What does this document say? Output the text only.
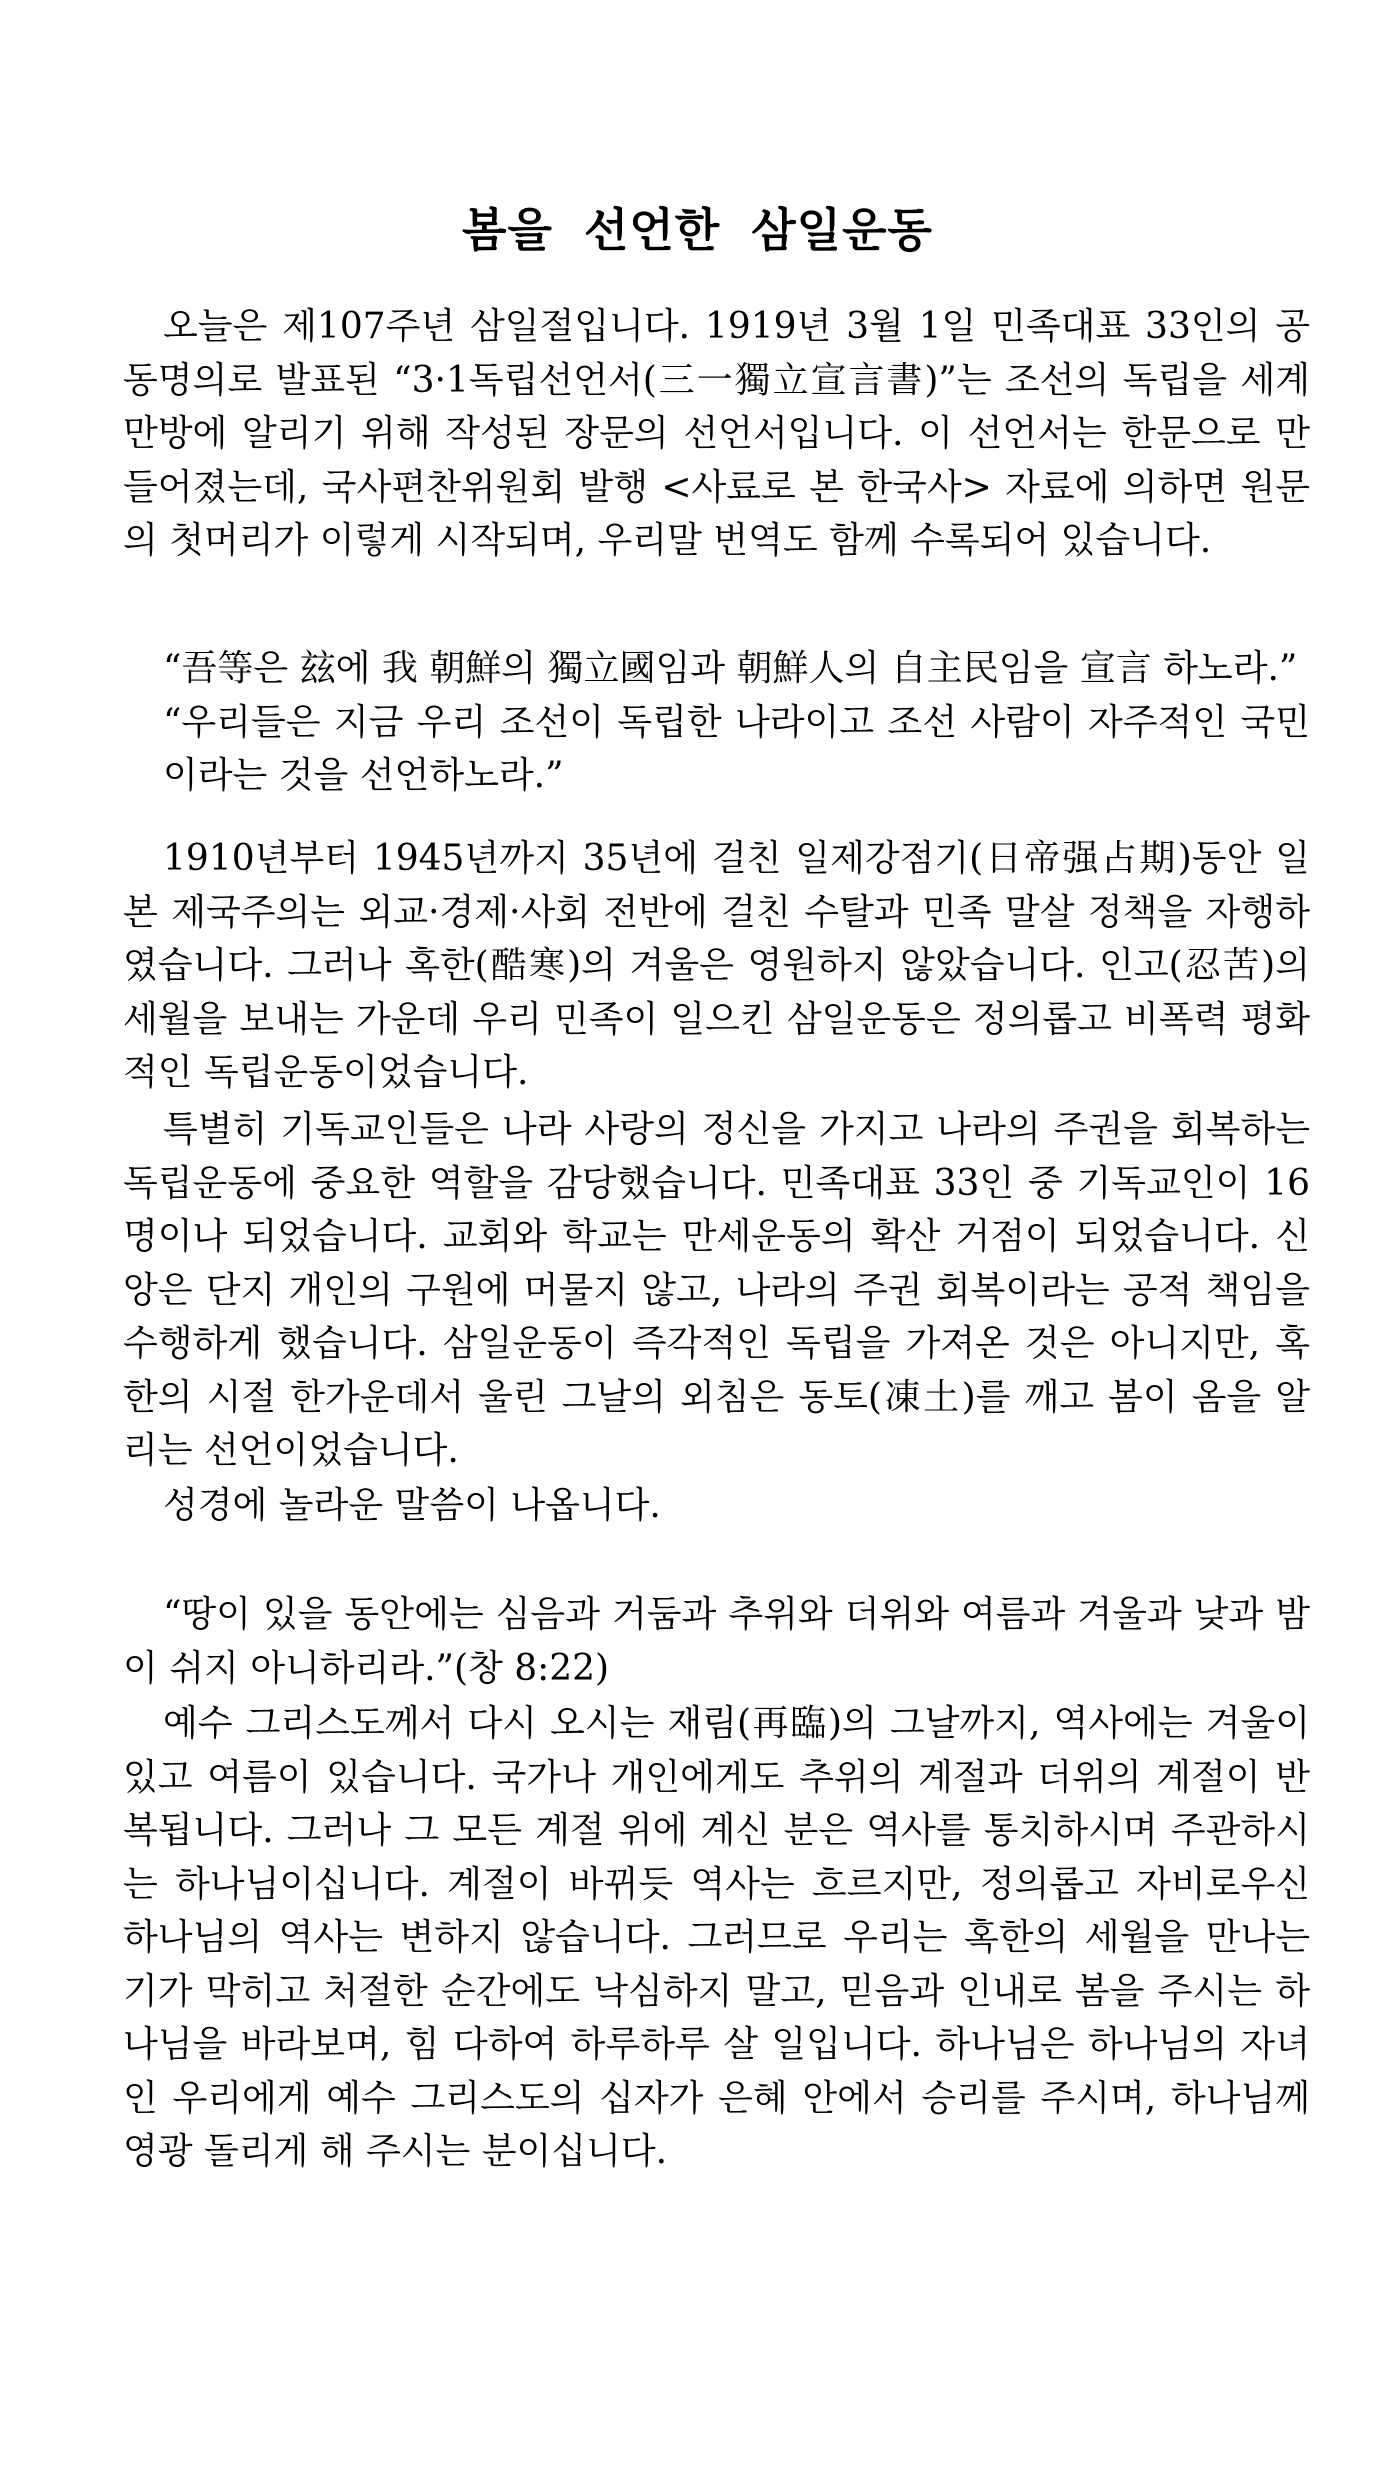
봄을 선언한 삼일운동

오늘은 제107주년 삼일절입니다. 1919년 3월 1일 민족대표 33인의 공동명의로 발표된 “3·1독립선언서(三一獨立宣言書)”는 조선의 독립을 세계만방에 알리기 위해 작성된 장문의 선언서입니다. 이 선언서는 한문으로 만들어졌는데, 국사편찬위원회 발행 <사료로 본 한국사> 자료에 의하면 원문의 첫머리가 이렇게 시작되며, 우리말 번역도 함께 수록되어 있습니다.

“吾等은 玆에 我 朝鮮의 獨立國임과 朝鮮人의 自主民임을 宣言 하노라.”
“우리들은 지금 우리 조선이 독립한 나라이고 조선 사람이 자주적인 국민이라는 것을 선언하노라.”

1910년부터 1945년까지 35년에 걸친 일제강점기(日帝强占期)동안 일본 제국주의는 외교·경제·사회 전반에 걸친 수탈과 민족 말살 정책을 자행하였습니다. 그러나 혹한(酷寒)의 겨울은 영원하지 않았습니다. 인고(忍苦)의 세월을 보내는 가운데 우리 민족이 일으킨 삼일운동은 정의롭고 비폭력 평화적인 독립운동이었습니다.

특별히 기독교인들은 나라 사랑의 정신을 가지고 나라의 주권을 회복하는 독립운동에 중요한 역할을 감당했습니다. 민족대표 33인 중 기독교인이 16명이나 되었습니다. 교회와 학교는 만세운동의 확산 거점이 되었습니다. 신앙은 단지 개인의 구원에 머물지 않고, 나라의 주권 회복이라는 공적 책임을 수행하게 했습니다. 삼일운동이 즉각적인 독립을 가져온 것은 아니지만, 혹한의 시절 한가운데서 울린 그날의 외침은 동토(凍土)를 깨고 봄이 옴을 알리는 선언이었습니다.

성경에 놀라운 말씀이 나옵니다.

“땅이 있을 동안에는 심음과 거둠과 추위와 더위와 여름과 겨울과 낮과 밤이 쉬지 아니하리라.”(창 8:22)

예수 그리스도께서 다시 오시는 재림(再臨)의 그날까지, 역사에는 겨울이 있고 여름이 있습니다. 국가나 개인에게도 추위의 계절과 더위의 계절이 반복됩니다. 그러나 그 모든 계절 위에 계신 분은 역사를 통치하시며 주관하시는 하나님이십니다. 계절이 바뀌듯 역사는 흐르지만, 정의롭고 자비로우신 하나님의 역사는 변하지 않습니다. 그러므로 우리는 혹한의 세월을 만나는 기가 막히고 처절한 순간에도 낙심하지 말고, 믿음과 인내로 봄을 주시는 하나님을 바라보며, 힘 다하여 하루하루 살 일입니다. 하나님은 하나님의 자녀인 우리에게 예수 그리스도의 십자가 은혜 안에서 승리를 주시며, 하나님께 영광 돌리게 해 주시는 분이십니다.
